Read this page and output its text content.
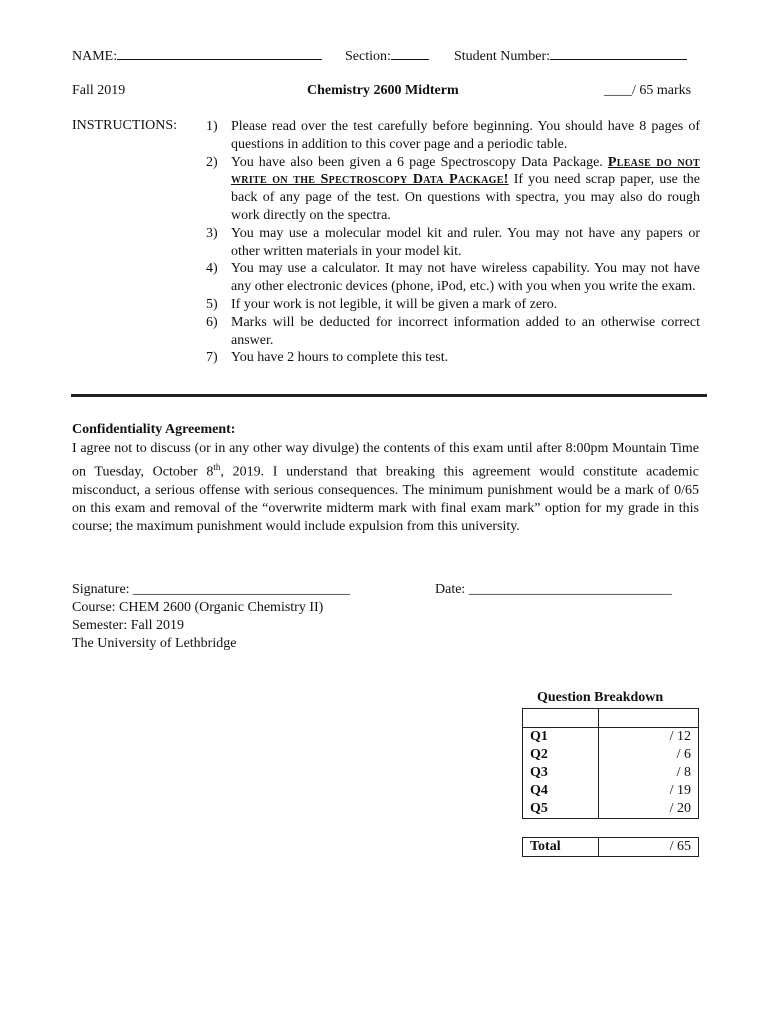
NAME:	Section:	Student Number:
Fall 2019	Chemistry 2600 Midterm	____/ 65 marks
INSTRUCTIONS: 1) Please read over the test carefully before beginning. You should have 8 pages of questions in addition to this cover page and a periodic table.
2) You have also been given a 6 page Spectroscopy Data Package. Please do not write on the Spectroscopy Data Package! If you need scrap paper, use the back of any page of the test. On questions with spectra, you may also do rough work directly on the spectra.
3) You may use a molecular model kit and ruler. You may not have any papers or other written materials in your model kit.
4) You may use a calculator. It may not have wireless capability. You may not have any other electronic devices (phone, iPod, etc.) with you when you write the exam.
5) If your work is not legible, it will be given a mark of zero.
6) Marks will be deducted for incorrect information added to an otherwise correct answer.
7) You have 2 hours to complete this test.
Confidentiality Agreement:
I agree not to discuss (or in any other way divulge) the contents of this exam until after 8:00pm Mountain Time on Tuesday, October 8th, 2019. I understand that breaking this agreement would constitute academic misconduct, a serious offense with serious consequences. The minimum punishment would be a mark of 0/65 on this exam and removal of the “overwrite midterm mark with final exam mark” option for my grade in this course; the maximum punishment would include expulsion from this university.
Signature: _______________________________	Date: _____________________________
Course: CHEM 2600 (Organic Chemistry II)
Semester: Fall 2019
The University of Lethbridge
Question Breakdown

Q1	/ 12
Q2	/ 6
Q3	/ 8
Q4	/ 19
Q5	/ 20
Total	/ 65
